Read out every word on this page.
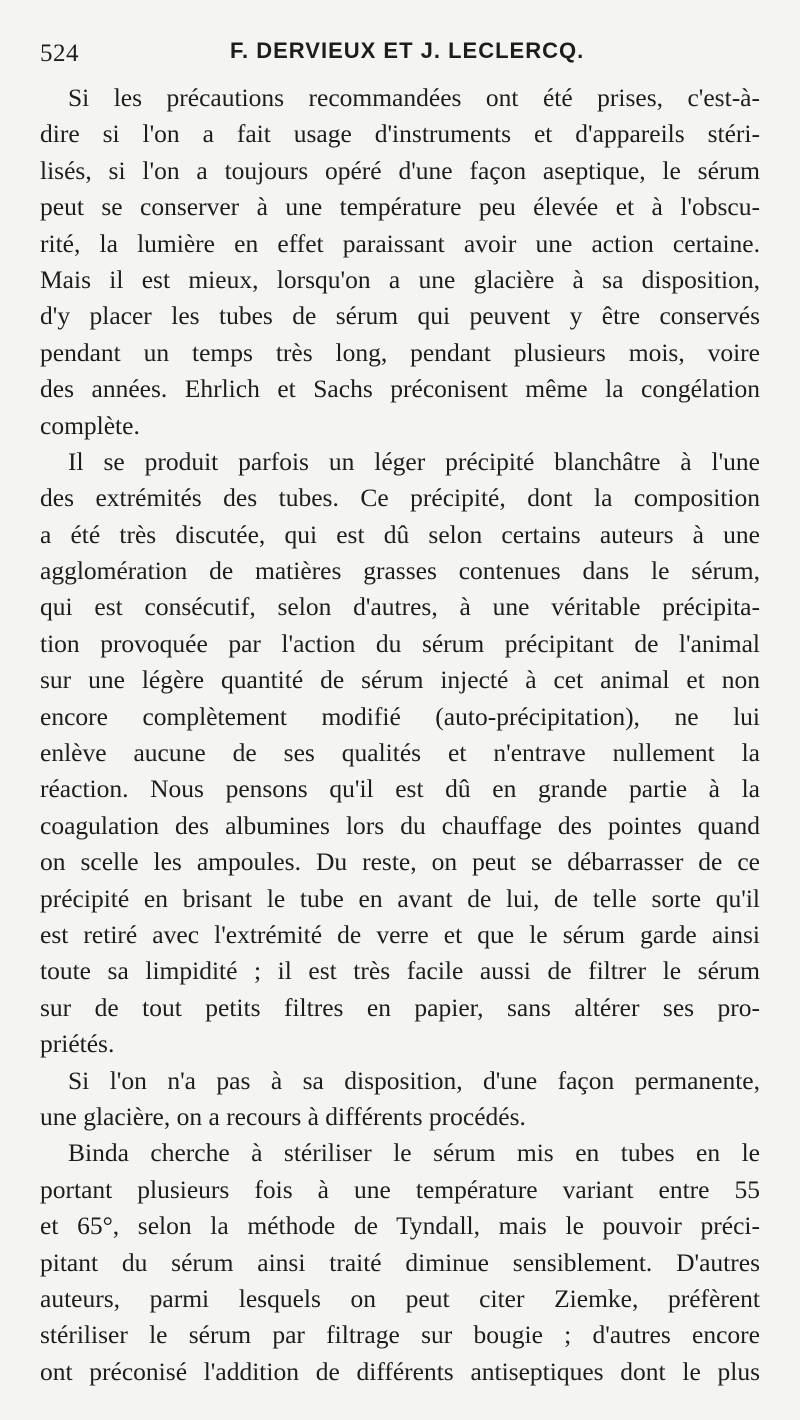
524	F. DERVIEUX ET J. LECLERCQ.
Si les précautions recommandées ont été prises, c'est-à-
dire si l'on a fait usage d'instruments et d'appareils stéri-
lisés, si l'on a toujours opéré d'une façon aseptique, le sérum
peut se conserver à une température peu élevée et à l'obscu-
rité, la lumière en effet paraissant avoir une action certaine.
Mais il est mieux, lorsqu'on a une glacière à sa disposition,
d'y placer les tubes de sérum qui peuvent y être conservés
pendant un temps très long, pendant plusieurs mois, voire
des années. Ehrlich et Sachs préconisent même la congélation
complète.
Il se produit parfois un léger précipité blanchâtre à l'une
des extrémités des tubes. Ce précipité, dont la composition
a été très discutée, qui est dû selon certains auteurs à une
agglomération de matières grasses contenues dans le sérum,
qui est consécutif, selon d'autres, à une véritable précipita-
tion provoquée par l'action du sérum précipitant de l'animal
sur une légère quantité de sérum injecté à cet animal et non
encore complètement modifié (auto-précipitation), ne lui
enlève aucune de ses qualités et n'entrave nullement la
réaction. Nous pensons qu'il est dû en grande partie à la
coagulation des albumines lors du chauffage des pointes quand
on scelle les ampoules. Du reste, on peut se débarrasser de ce
précipité en brisant le tube en avant de lui, de telle sorte qu'il
est retiré avec l'extrémité de verre et que le sérum garde ainsi
toute sa limpidité ; il est très facile aussi de filtrer le sérum
sur de tout petits filtres en papier, sans altérer ses pro-
priétés.
Si l'on n'a pas à sa disposition, d'une façon permanente,
une glacière, on a recours à différents procédés.
Binda cherche à stériliser le sérum mis en tubes en le
portant plusieurs fois à une température variant entre 55
et 65°, selon la méthode de Tyndall, mais le pouvoir préci-
pitant du sérum ainsi traité diminue sensiblement. D'autres
auteurs, parmi lesquels on peut citer Ziemke, préfèrent
stériliser le sérum par filtrage sur bougie ; d'autres encore
ont préconisé l'addition de différents antiseptiques dont le plus
